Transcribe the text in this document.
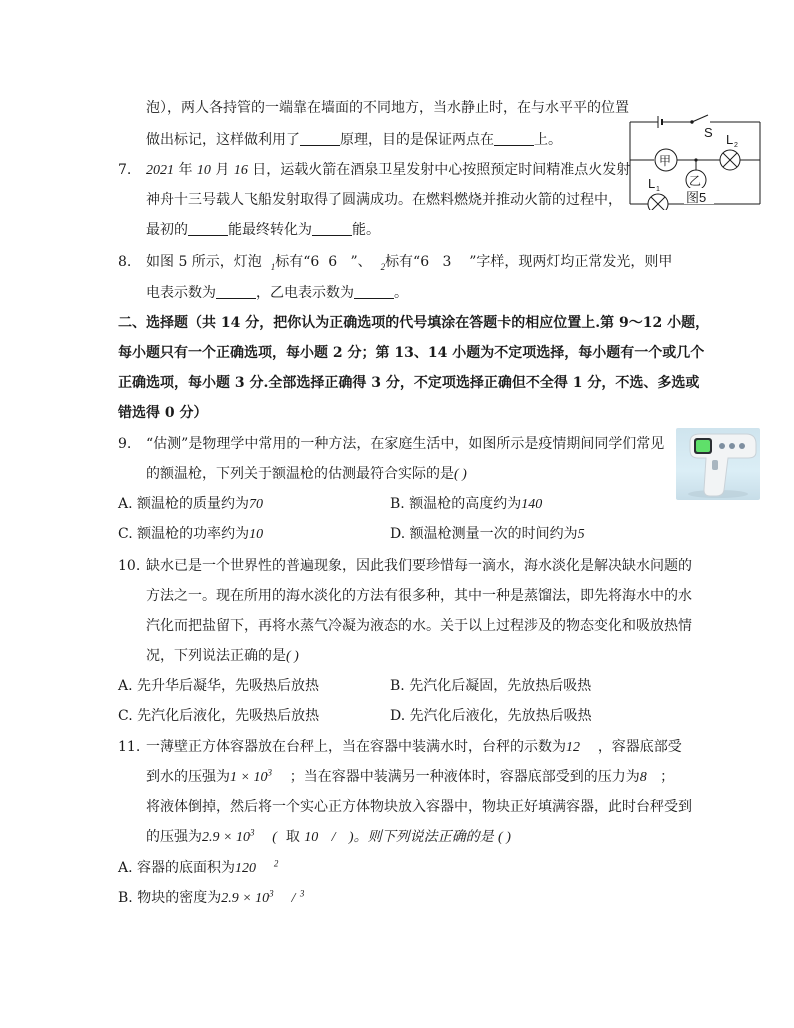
泡），两人各持管的一端靠在墙面的不同地方，当水静止时，在与水平平的位置
做出标记，这样做利用了	原理，目的是保证两点在	上。
7. 2021 年 10 月 16 日，运载火箭在酒泉卫星发射中心按照预定时间精准点火发射
神舟十三号载人飞船发射取得了圆满成功。在燃料燃烧并推动火箭的过程中，
最初的	能最终转化为	能。
8. 如图 5 所示，灯泡 $_1$标有“6 6 ”、 $_2$标有“6 3 ”字样，现两灯均正常发光，则甲
电表示数为	，乙电表示数为	。
二、选择题（共 14 分，把你认为正确选项的代号填涂在答题卡的相应位置上.第 9～12 小题，
每小题只有一个正确选项，每小题 2 分；第 13、14 小题为不定项选择，每小题有一个或几个
正确选项，每小题 3 分.全部选择正确得 3 分，不定项选择正确但不全得 1 分，不选、多选或
错选得 0 分）
9. “估测”是物理学中常用的一种方法，在家庭生活中，如图所示是疫情期间同学们常见
的额温枪，下列关于额温枪的估测最符合实际的是( )
A. 额温枪的质量约为70	B. 额温枪的高度约为140
C. 额温枪的功率约为10	D. 额温枪测量一次的时间约为5
10. 缺水已是一个世界性的普遍现象，因此我们要珍惜每一滴水，海水淡化是解决缺水问题的
方法之一。现在所用的海水淡化的方法有很多种，其中一种是蒸馏法，即先将海水中的水
汽化而把盐留下，再将水蒸气冷凝为液态的水。关于以上过程涉及的物态变化和吸放热情
况，下列说法正确的是( )
A. 先升华后凝华，先吸热后放热	B. 先汽化后凝固，先放热后吸热
C. 先汽化后液化，先吸热后放热	D. 先汽化后液化，先放热后吸热
11. 一薄壁正方体容器放在台秤上，当在容器中装满水时，台秤的示数为12 ，容器底部受
到水的压强为$1 \times 10^3$ ；当在容器中装满另一种液体时，容器底部受到的压力为8 ；
将液体倒掉，然后将一个实心正方体物块放入容器中，物块正好填满容器，此时台秤受到
的压强为$2.9 \times 10^3$ ( 取 10 / )。则下列说法正确的是 ( )
A. 容器的底面积为120 $^2$
B. 物块的密度为$2.9 \times 10^3 / ^3$
S L 2
L 1
甲
乙
图5
